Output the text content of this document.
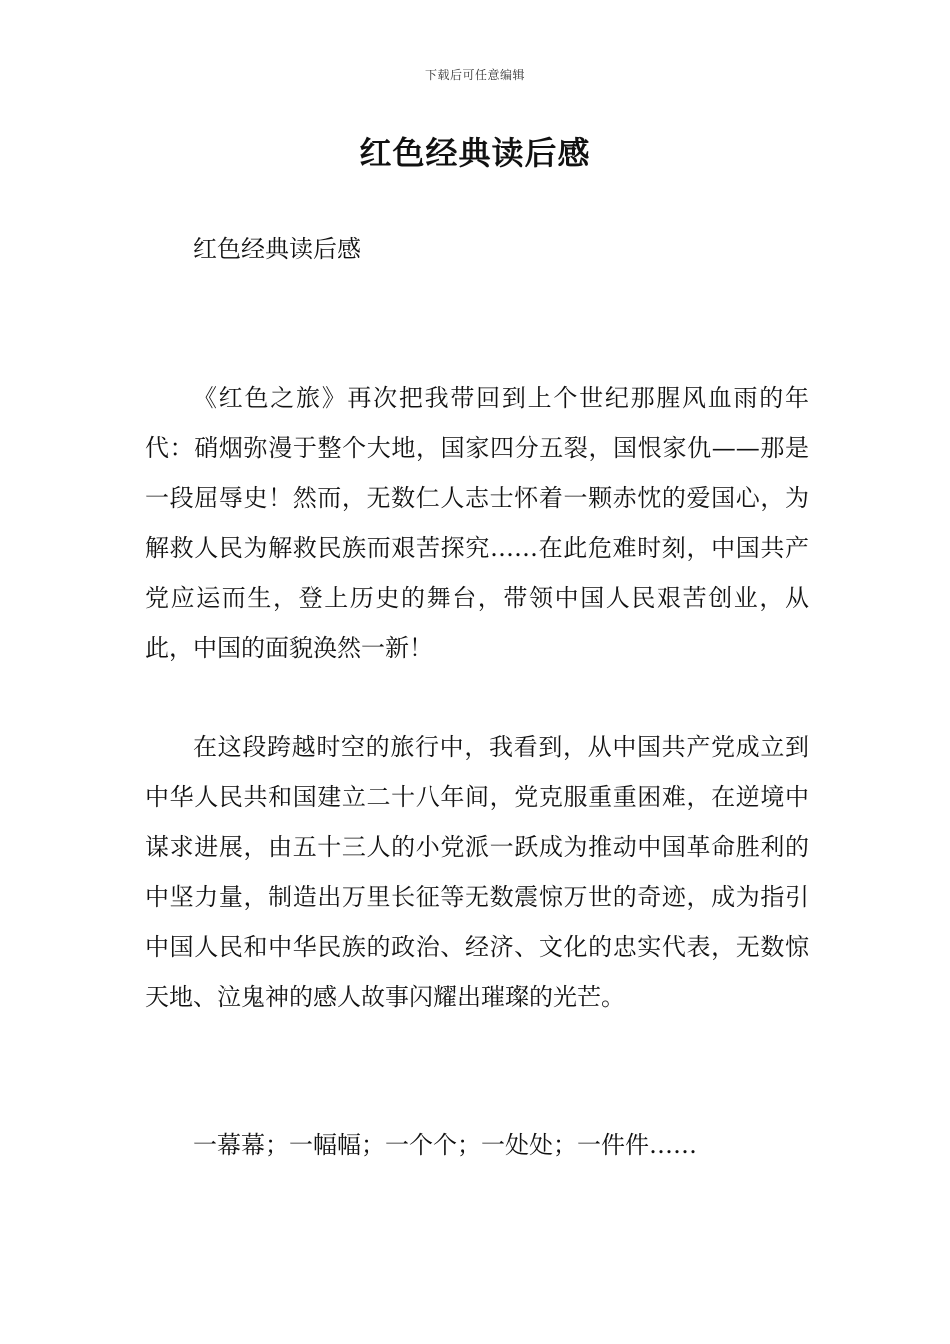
下载后可任意编辑
红色经典读后感

红色经典读后感

《红色之旅》再次把我带回到上个世纪那腥风血雨的年代：硝烟弥漫于整个大地，国家四分五裂，国恨家仇——那是一段屈辱史！然而，无数仁人志士怀着一颗赤忱的爱国心，为解救人民为解救民族而艰苦探究……在此危难时刻，中国共产党应运而生，登上历史的舞台，带领中国人民艰苦创业，从此，中国的面貌涣然一新！

在这段跨越时空的旅行中，我看到，从中国共产党成立到中华人民共和国建立二十八年间，党克服重重困难，在逆境中谋求进展，由五十三人的小党派一跃成为推动中国革命胜利的中坚力量，制造出万里长征等无数震惊万世的奇迹，成为指引中国人民和中华民族的政治、经济、文化的忠实代表，无数惊天地、泣鬼神的感人故事闪耀出璀璨的光芒。

一幕幕；一幅幅；一个个；一处处；一件件……
